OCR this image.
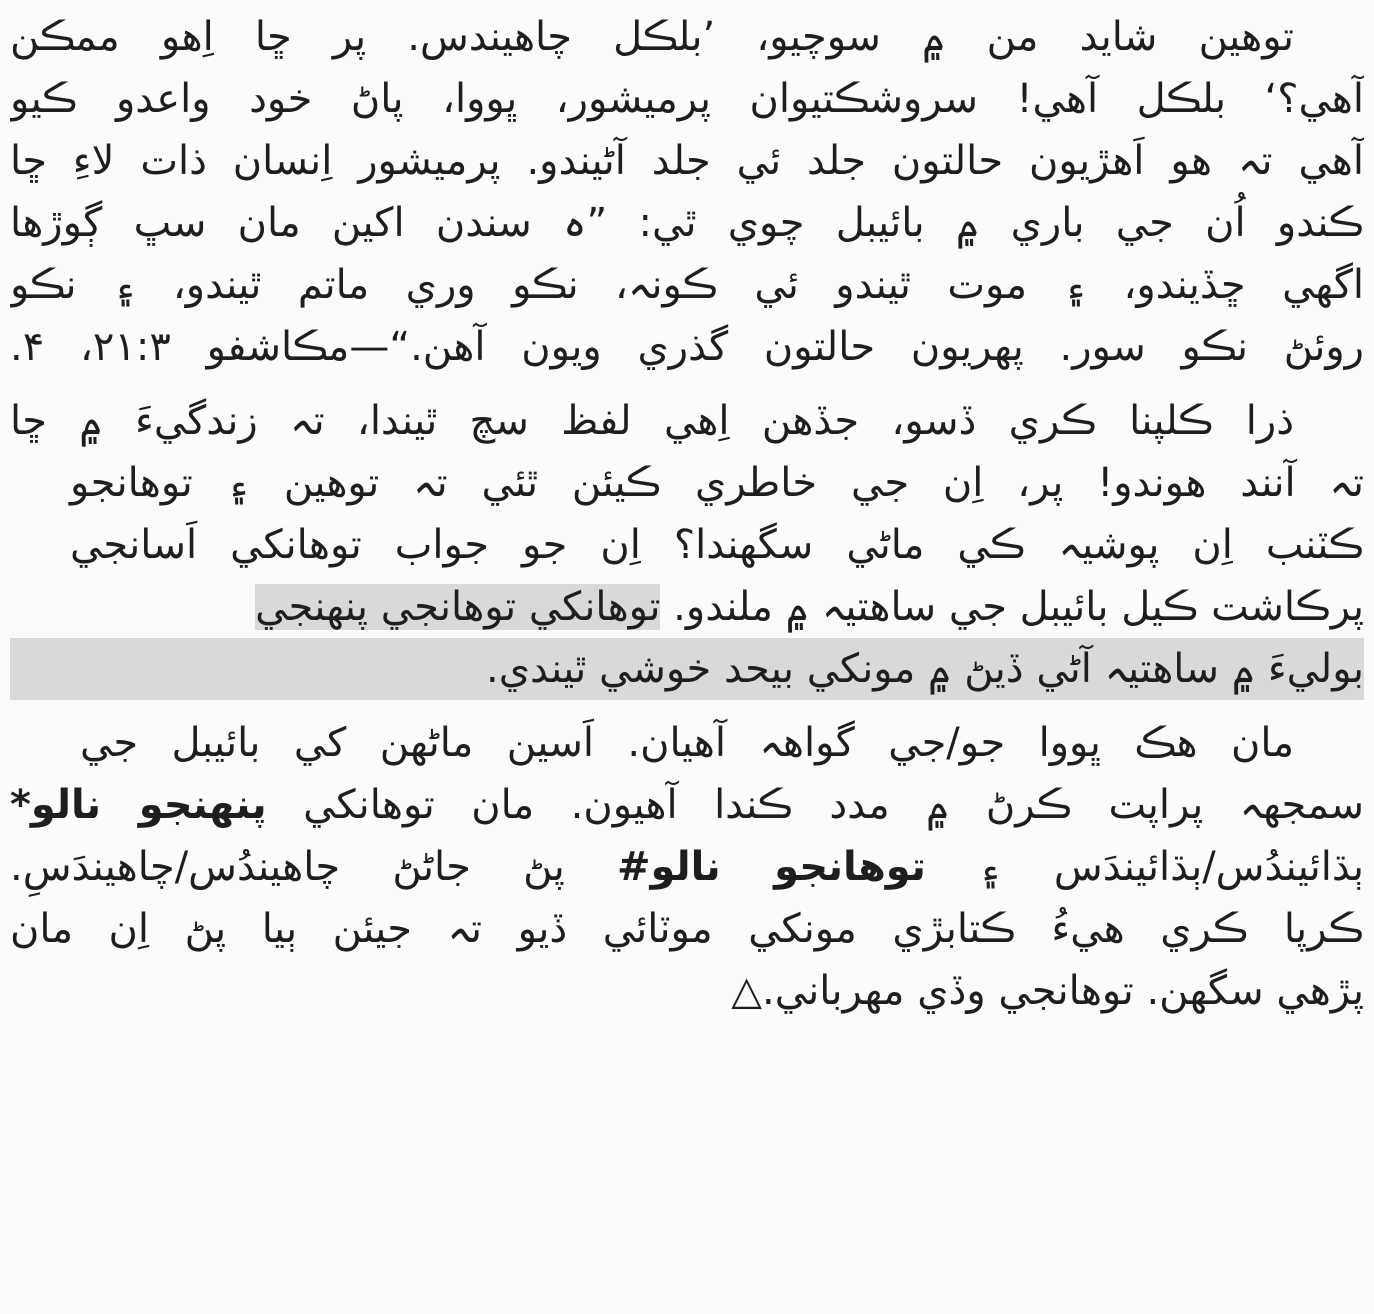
توهين شايد من ۾ سوچيو، ’بلڪل چاهيندس. پر ڇا اِهو ممڪن
آهي؟‘ بلڪل آهي! سروشڪتيوان پرميشور، ڀووا، پاڻ خود واعدو ڪيو
آهي تہ هو اَهڙيون حالتون جلد ئي جلد آڻيندو. پرميشور اِنسان ذات لاءِ ڇا
ڪندو اُن جي باري ۾ بائيبل چوي ٿي: ”ہ سندن اکين مان سڀ ڳوڙها
اگهي ڇڏيندو، ۽ موت ٿيندو ئي ڪونہ، نڪو وري ماتم ٿيندو، ۽ نڪو
روئڻ نڪو سور. پهريون حالتون گذري ويون آهن.“—مڪاشفو ۲۱:۳، ۴.
ذرا ڪلپنا ڪري ڏسو، جڏهن اِهي لفظ سچ ٿيندا، تہ زندگيءَ ۾ ڇا
تہ آنند هوندو! پر، اِن جي خاطري ڪيئن ٿئي تہ توهين ۽ توهانجو
ڪٽنب اِن پوشيہ ڪي ماڻي سگهندا؟ اِن جو جواب توهانکي اَسانجي
پرڪاشت ڪيل بائيبل جي ساهتيہ ۾ ملندو. توهانکي توهانجي پنهنجي
بوليءَ ۾ ساهتيہ آڻي ڏيڻ ۾ مونکي بيحد خوشي ٿيندي.
مان هڪ ڀووا جو/جي گواهہ آهيان. اَسين ماڻهن کي بائيبل جي
سمجهہ پراپت ڪرڻ ۾ مدد ڪندا آهيون. مان توهانکي پنهنجو نالو*
ٻڌائيندُس/ٻڌائيندَس ۽ توهانجو نالو# پڻ جاڻڻ چاهيندُس/چاهيندَسِ.
ڪرپا ڪري هيءُ ڪتابڙي مونکي موٽائي ڏيو تہ جيئن ٻيا پڻ اِن مان
پڙهي سگهن. توهانجي وڏي مهرباني.△
